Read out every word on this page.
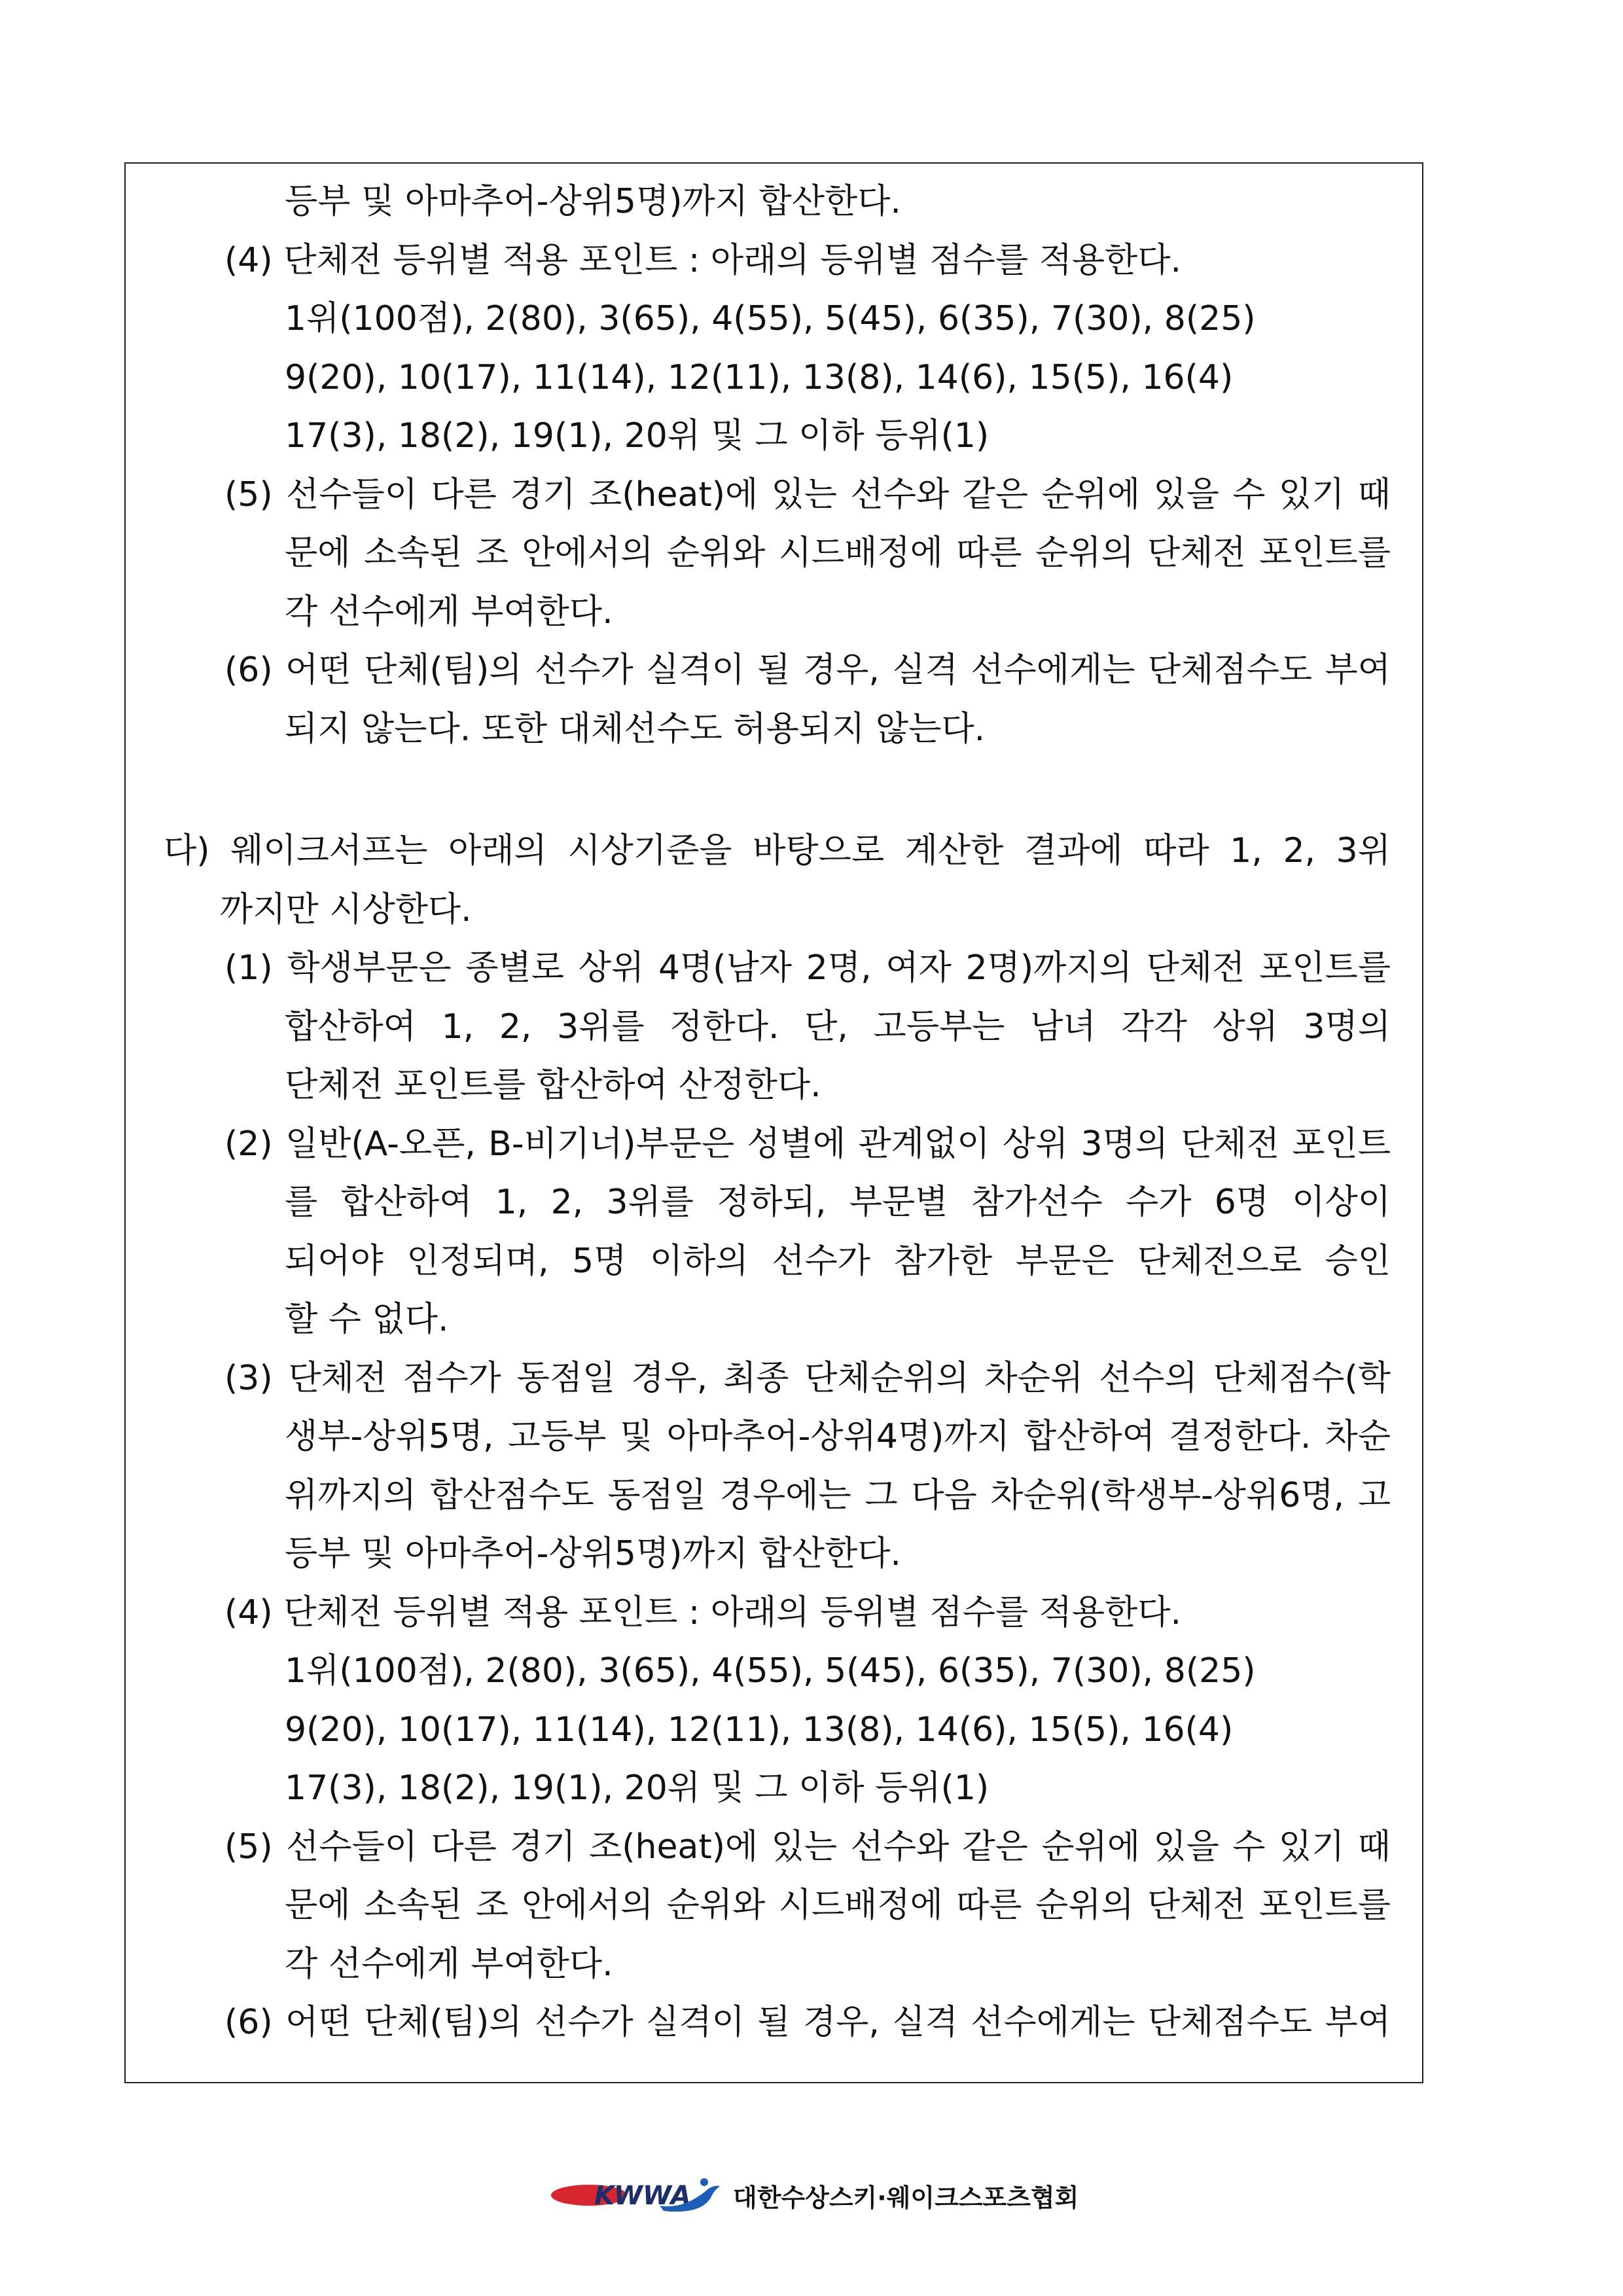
등부 및 아마추어-상위5명)까지 합산한다.
(4) 단체전 등위별 적용 포인트 : 아래의 등위별 점수를 적용한다.
1위(100점), 2(80), 3(65), 4(55), 5(45), 6(35), 7(30), 8(25)
9(20), 10(17), 11(14), 12(11), 13(8), 14(6), 15(5), 16(4)
17(3), 18(2), 19(1), 20위 및 그 이하 등위(1)
(5) 선수들이 다른 경기 조(heat)에 있는 선수와 같은 순위에 있을 수 있기 때
문에 소속된 조 안에서의 순위와 시드배정에 따른 순위의 단체전 포인트를
각 선수에게 부여한다.
(6) 어떤 단체(팀)의 선수가 실격이 될 경우, 실격 선수에게는 단체점수도 부여
되지 않는다. 또한 대체선수도 허용되지 않는다.
다) 웨이크서프는 아래의 시상기준을 바탕으로 계산한 결과에 따라 1, 2, 3위
까지만 시상한다.
(1) 학생부문은 종별로 상위 4명(남자 2명, 여자 2명)까지의 단체전 포인트를
합산하여 1, 2, 3위를 정한다. 단, 고등부는 남녀 각각 상위 3명의
단체전 포인트를 합산하여 산정한다.
(2) 일반(A-오픈, B-비기너)부문은 성별에 관계없이 상위 3명의 단체전 포인트
를 합산하여 1, 2, 3위를 정하되, 부문별 참가선수 수가 6명 이상이
되어야 인정되며, 5명 이하의 선수가 참가한 부문은 단체전으로 승인
할 수 없다.
(3) 단체전 점수가 동점일 경우, 최종 단체순위의 차순위 선수의 단체점수(학
생부-상위5명, 고등부 및 아마추어-상위4명)까지 합산하여 결정한다. 차순
위까지의 합산점수도 동점일 경우에는 그 다음 차순위(학생부-상위6명, 고
등부 및 아마추어-상위5명)까지 합산한다.
(4) 단체전 등위별 적용 포인트 : 아래의 등위별 점수를 적용한다.
1위(100점), 2(80), 3(65), 4(55), 5(45), 6(35), 7(30), 8(25)
9(20), 10(17), 11(14), 12(11), 13(8), 14(6), 15(5), 16(4)
17(3), 18(2), 19(1), 20위 및 그 이하 등위(1)
(5) 선수들이 다른 경기 조(heat)에 있는 선수와 같은 순위에 있을 수 있기 때
문에 소속된 조 안에서의 순위와 시드배정에 따른 순위의 단체전 포인트를
각 선수에게 부여한다.
(6) 어떤 단체(팀)의 선수가 실격이 될 경우, 실격 선수에게는 단체점수도 부여
KWWA 대한수상스키·웨이크스포츠협회
